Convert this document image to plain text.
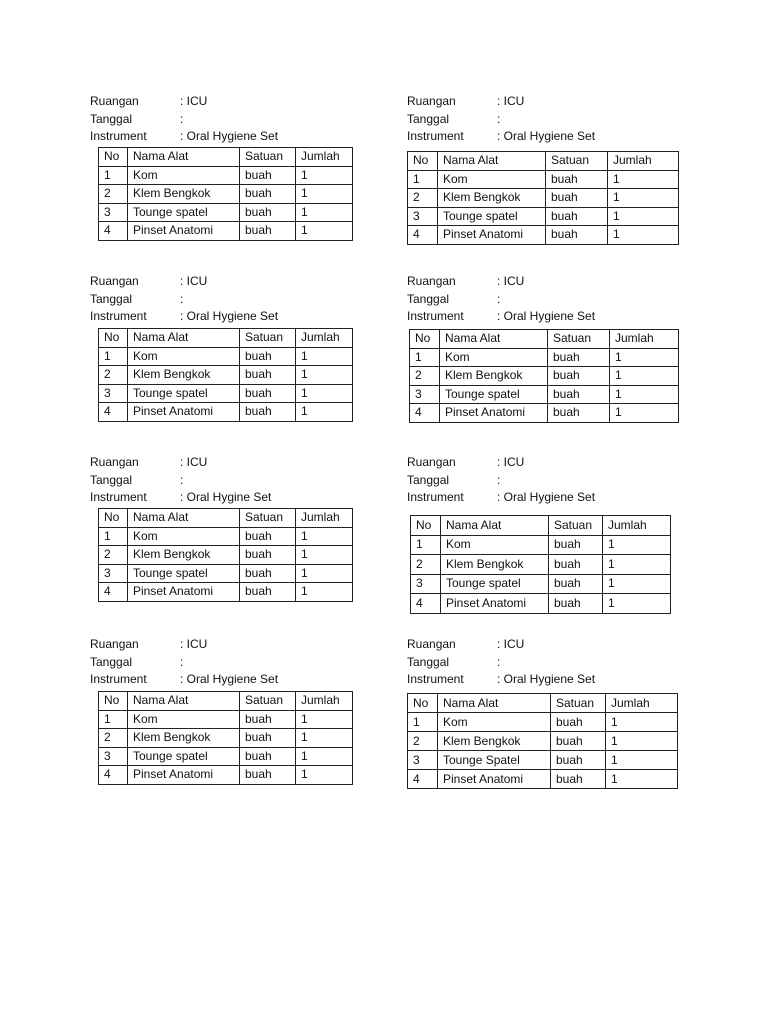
Ruangan	: ICU
Tanggal	:
Instrument	: Oral Hygiene Set
No	Nama Alat	Satuan	Jumlah
1	Kom	buah	1
2	Klem Bengkok	buah	1
3	Tounge spatel	buah	1
4	Pinset Anatomi	buah	1
Ruangan	: ICU
Tanggal	:
Instrument	: Oral Hygiene Set
No	Nama Alat	Satuan	Jumlah
1	Kom	buah	1
2	Klem Bengkok	buah	1
3	Tounge spatel	buah	1
4	Pinset Anatomi	buah	1
Ruangan	: ICU
Tanggal	:
Instrument	: Oral Hygiene Set
No	Nama Alat	Satuan	Jumlah
1	Kom	buah	1
2	Klem Bengkok	buah	1
3	Tounge spatel	buah	1
4	Pinset Anatomi	buah	1
Ruangan	: ICU
Tanggal	:
Instrument	: Oral Hygiene Set
No	Nama Alat	Satuan	Jumlah
1	Kom	buah	1
2	Klem Bengkok	buah	1
3	Tounge spatel	buah	1
4	Pinset Anatomi	buah	1
Ruangan	: ICU
Tanggal	:
Instrument	: Oral Hygine Set
No	Nama Alat	Satuan	Jumlah
1	Kom	buah	1
2	Klem Bengkok	buah	1
3	Tounge spatel	buah	1
4	Pinset Anatomi	buah	1
Ruangan	: ICU
Tanggal	:
Instrument	: Oral Hygiene Set
No	Nama Alat	Satuan	Jumlah
1	Kom	buah	1
2	Klem Bengkok	buah	1
3	Tounge spatel	buah	1
4	Pinset Anatomi	buah	1
Ruangan	: ICU
Tanggal	:
Instrument	: Oral Hygiene Set
No	Nama Alat	Satuan	Jumlah
1	Kom	buah	1
2	Klem Bengkok	buah	1
3	Tounge spatel	buah	1
4	Pinset Anatomi	buah	1
Ruangan	: ICU
Tanggal	:
Instrument	: Oral Hygiene Set
No	Nama Alat	Satuan	Jumlah
1	Kom	buah	1
2	Klem Bengkok	buah	1
3	Tounge Spatel	buah	1
4	Pinset Anatomi	buah	1
